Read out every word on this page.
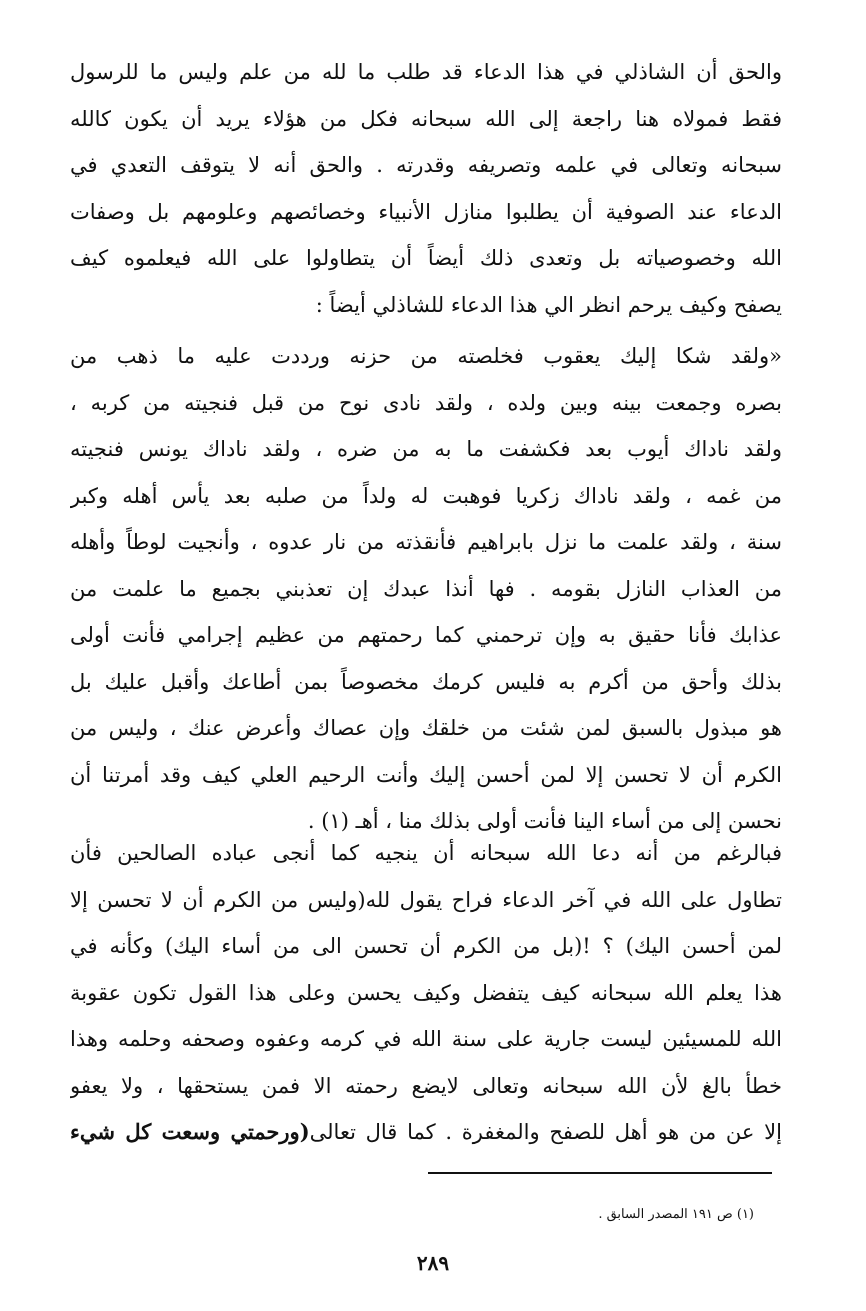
والحق أن الشاذلي في هذا الدعاء قد طلب ما لله من علم وليس ما للرسول
فقط فمولاه هنا راجعة إلى الله سبحانه فكل من هؤلاء يريد أن يكون كالله
سبحانه وتعالى في علمه وتصريفه وقدرته . والحق أنه لا يتوقف التعدي في
الدعاء عند الصوفية أن يطلبوا منازل الأنبياء وخصائصهم وعلومهم بل وصفات
الله وخصوصياته بل وتعدى ذلك أيضاً أن يتطاولوا على الله فيعلموه كيف
يصفح وكيف يرحم انظر الي هذا الدعاء للشاذلي أيضاً :
«ولقد شكا إليك يعقوب فخلصته من حزنه ورددت عليه ما ذهب من
بصره وجمعت بينه وبين ولده ، ولقد نادى نوح من قبل فنجيته من كربه ،
ولقد ناداك أيوب بعد فكشفت ما به من ضره ، ولقد ناداك يونس فنجيته
من غمه ، ولقد ناداك زكريا فوهبت له ولداً من صلبه بعد يأس أهله وكبر
سنة ، ولقد علمت ما نزل بابراهيم فأنقذته من نار عدوه ، وأنجيت لوطاً وأهله
من العذاب النازل بقومه . فها أنذا عبدك إن تعذبني بجميع ما علمت من
عذابك فأنا حقيق به وإن ترحمني كما رحمتهم من عظيم إجرامي فأنت أولى
بذلك وأحق من أكرم به فليس كرمك مخصوصاً بمن أطاعك وأقبل عليك بل
هو مبذول بالسبق لمن شئت من خلقك وإن عصاك وأعرض عنك ، وليس من
الكرم أن لا تحسن إلا لمن أحسن إليك وأنت الرحيم العلي كيف وقد أمرتنا أن
نحسن إلى من أساء الينا فأنت أولى بذلك منا ، أهـ (١) .
فبالرغم من أنه دعا الله سبحانه أن ينجيه كما أنجى عباده الصالحين فأن
تطاول على الله في آخر الدعاء فراح يقول لله(وليس من الكرم أن لا تحسن إلا
لمن أحسن اليك) ؟ !(بل من الكرم أن تحسن الى من أساء اليك) وكأنه في
هذا يعلم الله سبحانه كيف يتفضل وكيف يحسن وعلى هذا القول تكون عقوبة
الله للمسيئين ليست جارية على سنة الله في كرمه وعفوه وصحفه وحلمه وهذا
خطأ بالغ لأن الله سبحانه وتعالى لايضع رحمته الا فمن يستحقها ، ولا يعفو
إلا عن من هو أهل للصفح والمغفرة . كما قال تعالى(ورحمتي وسعت كل شيء
(١) ص ١٩١ المصدر السابق .
٢٨٩
